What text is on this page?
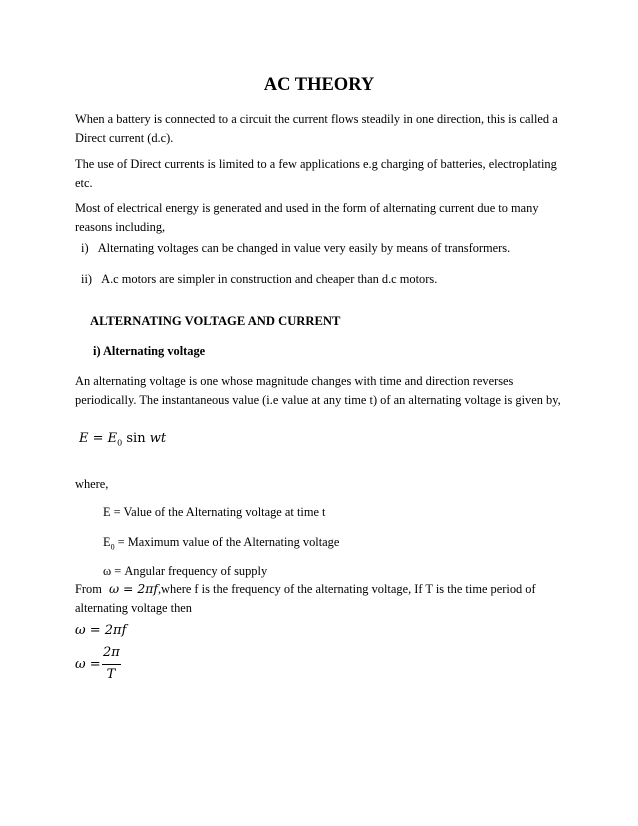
AC THEORY

When a battery is connected to a circuit the current flows steadily in one direction, this is called a Direct current (d.c).

The use of Direct currents is limited to a few applications e.g charging of batteries, electroplating etc.

Most of electrical energy is generated and used in the form of alternating current due to many reasons including,

i) Alternating voltages can be changed in value very easily by means of transformers.
ii) A.c motors are simpler in construction and cheaper than d.c motors.
ALTERNATING VOLTAGE AND CURRENT
i) Alternating voltage

An alternating voltage is one whose magnitude changes with time and direction reverses periodically. The instantaneous value (i.e value at any time t) of an alternating voltage is given by,

$E = E_0$ sin wt
where,
E = Value of the Alternating voltage at time t
$E_0$ = Maximum value of the Alternating voltage
ω = Angular frequency of supply

From ω = 2πf,where f is the frequency of the alternating voltage, If T is the time period of alternating voltage then

ω = 2πf
ω =
2π
T
